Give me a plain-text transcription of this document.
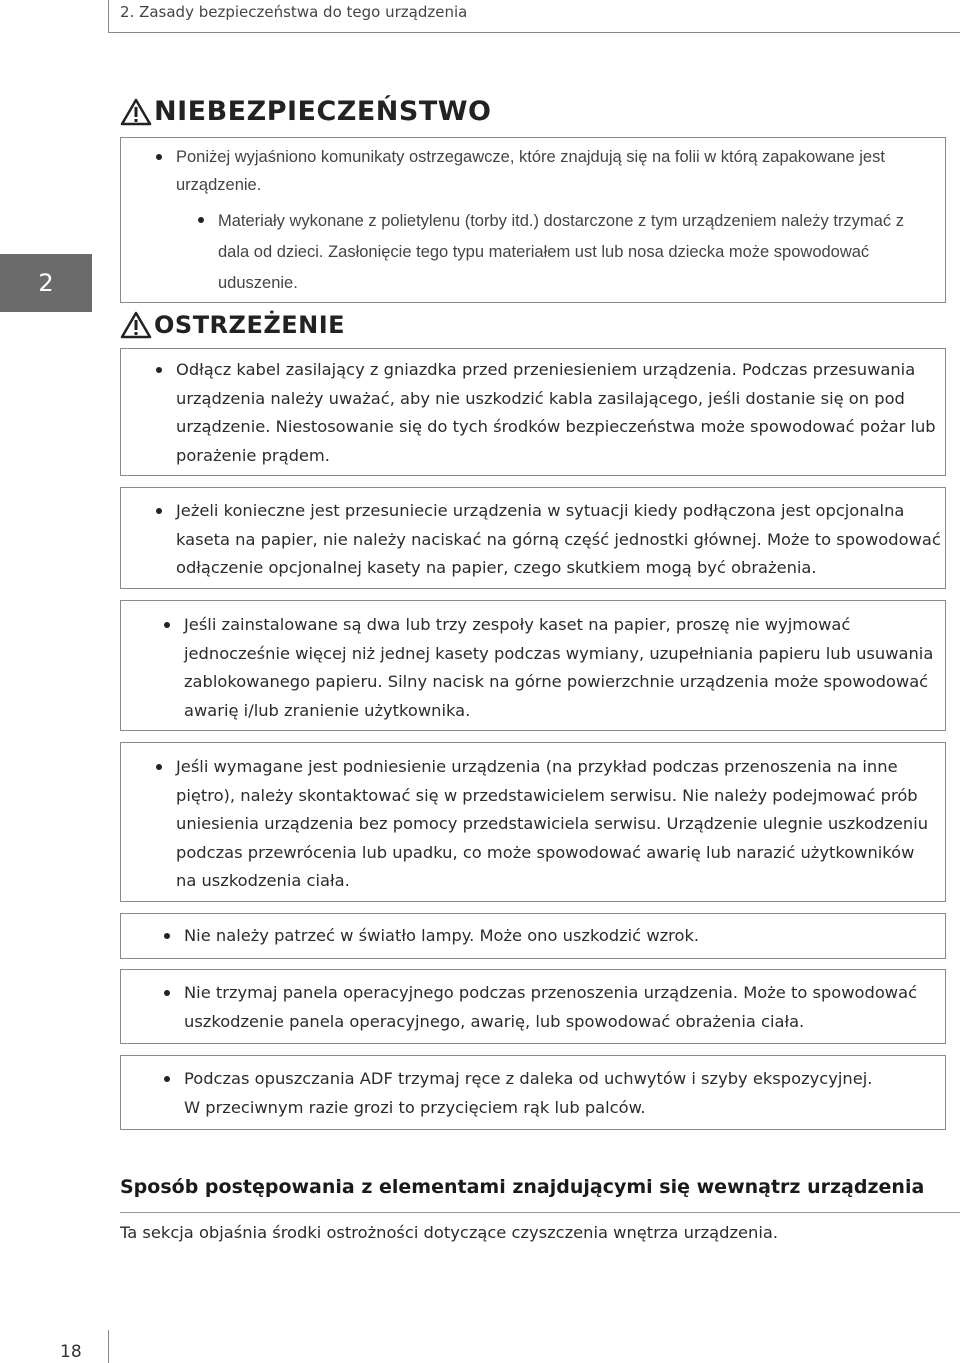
2. Zasady bezpieczeństwa do tego urządzenia
2
NIEBEZPIECZEŃSTWO
Poniżej wyjaśniono komunikaty ostrzegawcze, które znajdują się na folii w którą zapakowane jest urządzenie.
Materiały wykonane z polietylenu (torby itd.) dostarczone z tym urządzeniem należy trzymać z dala od dzieci. Zasłonięcie tego typu materiałem ust lub nosa dziecka może spowodować uduszenie.
OSTRZEŻENIE
Odłącz kabel zasilający z gniazdka przed przeniesieniem urządzenia. Podczas przesuwania urządzenia należy uważać, aby nie uszkodzić kabla zasilającego, jeśli dostanie się on pod urządzenie. Niestosowanie się do tych środków bezpieczeństwa może spowodować pożar lub porażenie prądem.
Jeżeli konieczne jest przesuniecie urządzenia w sytuacji kiedy podłączona jest opcjonalna kaseta na papier, nie należy naciskać na górną część jednostki głównej. Może to spowodować odłączenie opcjonalnej kasety na papier, czego skutkiem mogą być obrażenia.
Jeśli zainstalowane są dwa lub trzy zespoły kaset na papier, proszę nie wyjmować jednocześnie więcej niż jednej kasety podczas wymiany, uzupełniania papieru lub usuwania zablokowanego papieru. Silny nacisk na górne powierzchnie urządzenia może spowodować awarię i/lub zranienie użytkownika.
Jeśli wymagane jest podniesienie urządzenia (na przykład podczas przenoszenia na inne piętro), należy skontaktować się w przedstawicielem serwisu. Nie należy podejmować prób uniesienia urządzenia bez pomocy przedstawiciela serwisu. Urządzenie ulegnie uszkodzeniu podczas przewrócenia lub upadku, co może spowodować awarię lub narazić użytkowników na uszkodzenia ciała.
Nie należy patrzeć w światło lampy. Może ono uszkodzić wzrok.
Nie trzymaj panela operacyjnego podczas przenoszenia urządzenia. Może to spowodować uszkodzenie panela operacyjnego, awarię, lub spowodować obrażenia ciała.
Podczas opuszczania ADF trzymaj ręce z daleka od uchwytów i szyby ekspozycyjnej. W przeciwnym razie grozi to przycięciem rąk lub palców.
Sposób postępowania z elementami znajdującymi się wewnątrz urządzenia
Ta sekcja objaśnia środki ostrożności dotyczące czyszczenia wnętrza urządzenia.
18
